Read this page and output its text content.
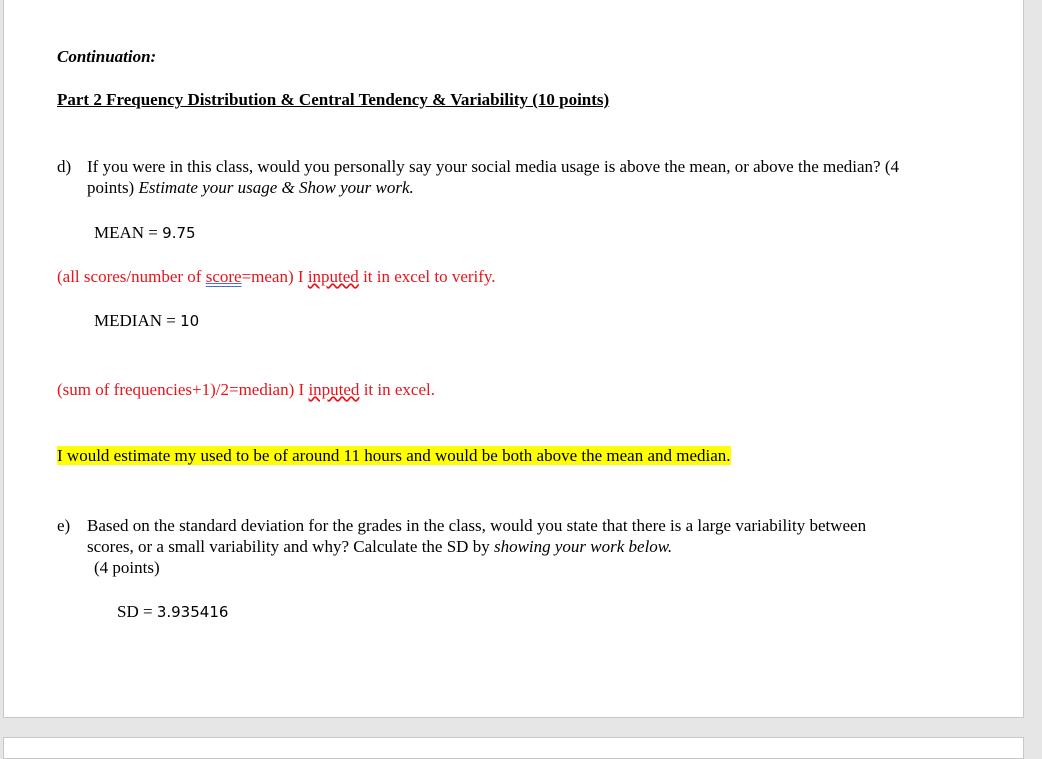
Continuation:
Part 2 Frequency Distribution & Central Tendency & Variability (10 points)
d) If you were in this class, would you personally say your social media usage is above the mean, or above the median? (4
points) Estimate your usage & Show your work.
MEAN = 9.75
(all scores/number of score=mean) I inputed it in excel to verify.
MEDIAN = 10
(sum of frequencies+1)/2=median) I inputed it in excel.
I would estimate my used to be of around 11 hours and would be both above the mean and median.
e) Based on the standard deviation for the grades in the class, would you state that there is a large variability between
scores, or a small variability and why? Calculate the SD by showing your work below.
(4 points)
SD = 3.935416
